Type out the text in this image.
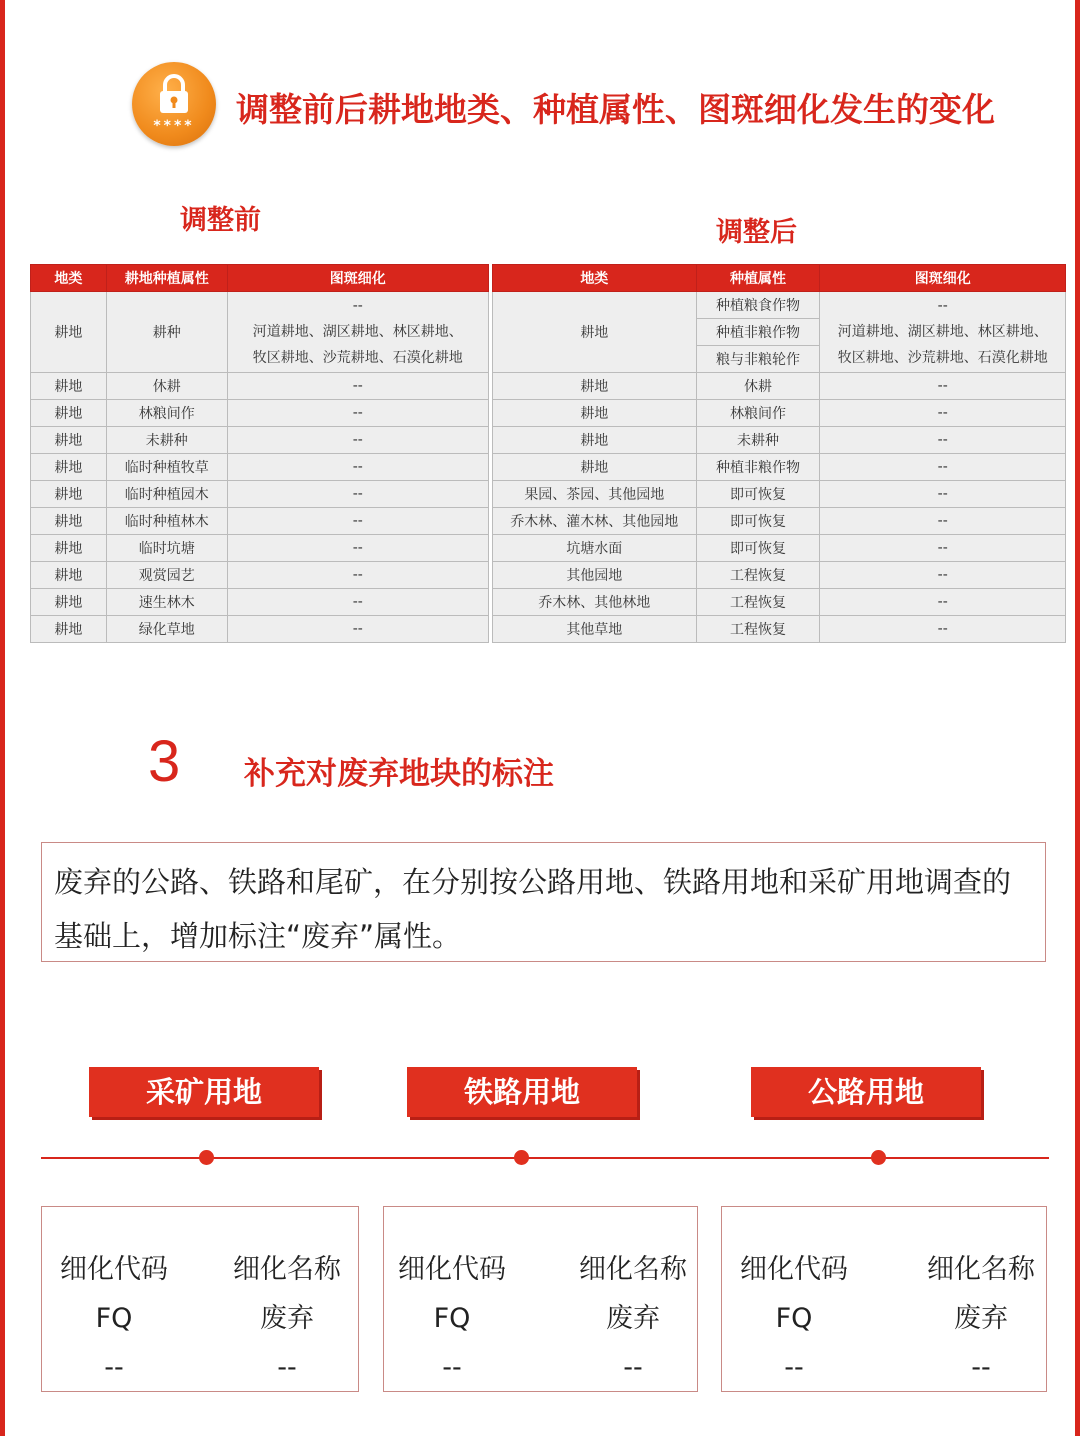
****	调整前后耕地地类、种植属性、图斑细化发生的变化
调整前	调整后
地类	耕地种植属性	图斑细化
耕地	耕种	--
河道耕地、湖区耕地、林区耕地、
牧区耕地、沙荒耕地、石漠化耕地

耕地	休耕	--
耕地	林粮间作	--
耕地	未耕种	--
耕地	临时种植牧草	--
耕地	临时种植园木	--
耕地	临时种植林木	--
耕地	临时坑塘	--
耕地	观赏园艺	--
耕地	速生林木	--
耕地	绿化草地	--
地类	种植属性	图斑细化
耕地	种植粮食作物	--
河道耕地、湖区耕地、林区耕地、
牧区耕地、沙荒耕地、石漠化耕地

	种植非粮作物	
	粮与非粮轮作	
耕地	休耕	--
耕地	林粮间作	--
耕地	未耕种	--
耕地	种植非粮作物	--
果园、茶园、其他园地	即可恢复	--
乔木林、灌木林、其他园地	即可恢复	--
坑塘水面	即可恢复	--
其他园地	工程恢复	--
乔木林、其他林地	工程恢复	--
其他草地	工程恢复	--
3 补充对废弃地块的标注
废弃的公路、铁路和尾矿，在分别按公路用地、铁路用地和采矿用地调查的基础上，增加标注“废弃”属性。
采矿用地	铁路用地	公路用地
细化代码
FQ
--
细化名称
废弃
--
细化代码
FQ
--
细化名称
废弃
--
细化代码
FQ
--
细化名称
废弃
--
